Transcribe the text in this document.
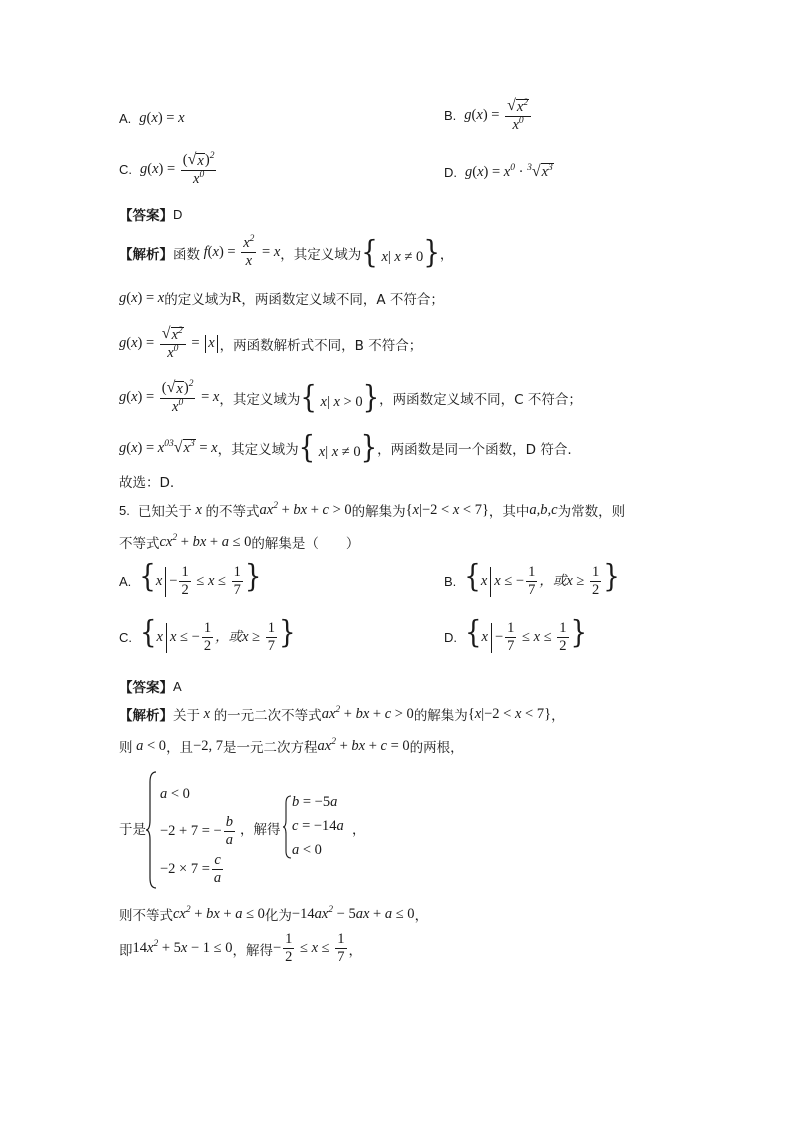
A. g(x) = x	B. $g(x) = \frac{√ x^2}{x^0}$
C. $g(x) = \frac{( √ x )^2}{x^0}$	D. $g(x) = x^0 \cdot ^3$ √ $x^3$
【答案】 D
【解析】 函数 $f(x) = \frac{x^2}{x} = x$ ，其定义域为 { x| x ≠ 0} ，
g(x) = x 的定义域为 R ，两函数定义域不同，A 不符合；
$g(x) = \frac{√ x^2}{x^0} = x$ ，两函数解析式不同，B 不符合；
$g(x) = \frac{( √ x )^2}{x^0} = x$ ，其定义域为 { x| x > 0} ，两函数定义域不同，C 不符合；
$g(x) = x^{03}$ √ $x^3 = x$ ，其定义域为 { x| x ≠ 0} ，两函数是同一个函数，D 符合.
故选：D.
5. 已知关于 x 的不等式 $ax^2$ + bx + c > 0 的解集为 {x|−2 < x < 7} ，其中 a,b,c 为常数，则
不等式 $cx^2$ + bx + a ≤ 0 的解集是（　　）
A. {$x - \frac{1}{2} \le x \le \frac{1}{7}$ }	B. {x x ≤ − $\frac{1}{7}$ ，或$x \ge \frac{1}{2}$ }
C. {x x ≤ − $\frac{1}{2}$ ，或$x \ge \frac{1}{7}$ }	D. {$x - \frac{1}{7} \le x \le \frac{1}{2}$ }
【答案】 A
【解析】 关于 x 的一元二次不等式 $ax^2$ + bx + c > 0 的解集为 {x|−2 < x < 7} ，
则 a < 0 ，且 −2, 7 是一元二次方程 $ax^2$ + bx + c = 0 的两根，
于是
a < 0
−2 + 7 = − $\frac{b}{a}$
$-2 \times 7 = \frac{c}{a}$
，解得
b = −5a
c = −14a
a < 0
，
则不等式 $cx^2$ + bx + a ≤ 0 化为 $-14ax^2 - 5ax + a \le 0$ ，
即 $14x^2 + 5x - 1 \le 0$ ，解得 − $\frac{1}{2} \le x \le \frac{1}{7}$ ，
